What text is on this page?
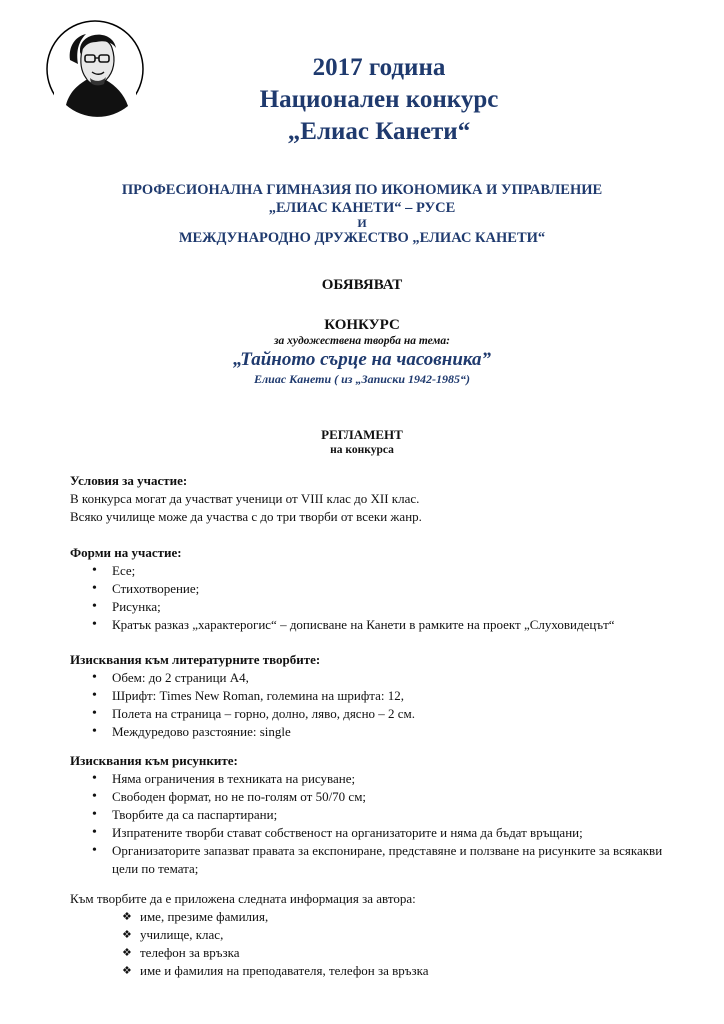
2017 година
Национален конкурс
„Елиас Канети“
ПРОФЕСИОНАЛНА ГИМНАЗИЯ ПО ИКОНОМИКА И УПРАВЛЕНИЕ
„ЕЛИАС КАНЕТИ“ – РУСЕ
И
МЕЖДУНАРОДНО ДРУЖЕСТВО „ЕЛИАС КАНЕТИ“
ОБЯВЯВАТ
КОНКУРС
за художествена творба на тема:
„Тайното сърце на часовника”
Елиас Канети ( из „Записки 1942-1985“)
РЕГЛАМЕНТ
на конкурса
Условия за участие:
В конкурса могат да участват ученици от VIII клас до XII клас.
Всяко училище може да участва с до три творби от всеки жанр.
Форми на участие:
• Есе;
• Стихотворение;
• Рисунка;
• Кратък разказ „характерогис“ – дописване на Канети в рамките на проект „Слуховидецът“
Изисквания към литературните творбите:
• Обем: до 2 страници А4,
• Шрифт: Times New Roman, големина на шрифта: 12,
• Полета на страница – горно, долно, ляво, дясно – 2 см.
• Междуредово разстояние: single
Изисквания към рисунките:
• Няма ограничения в техниката на рисуване;
• Свободен формат, но не по-голям от 50/70 см;
• Творбите да са паспартирани;
• Изпратените творби стават собственост на организаторите и няма да бъдат връщани;
• Организаторите запазват правата за експониране, представяне и ползване на рисунките за всякакви цели по темата;
Към творбите да е приложена следната информация за автора:
❖ име, презиме фамилия,
❖ училище, клас,
❖ телефон за връзка
❖ име и фамилия на преподавателя, телефон за връзка
